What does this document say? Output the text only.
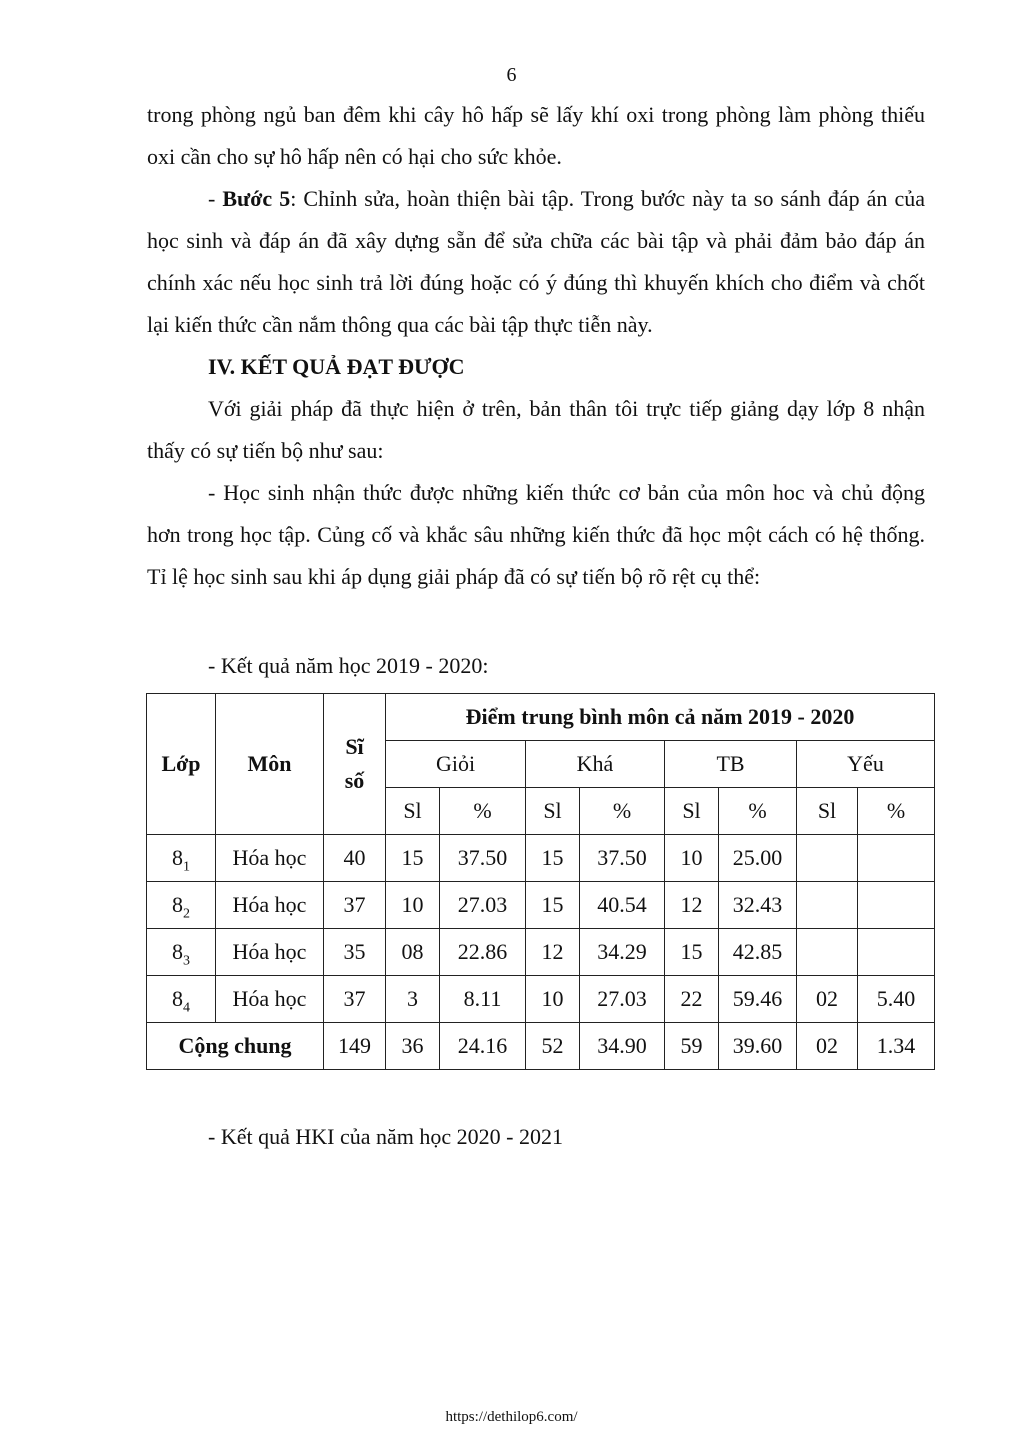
6

trong phòng ngủ ban đêm khi cây hô hấp sẽ lấy khí oxi trong phòng làm phòng thiếu oxi cần cho sự hô hấp nên có hại cho sức khỏe.

- Bước 5: Chỉnh sửa, hoàn thiện bài tập. Trong bước này ta so sánh đáp án của học sinh và đáp án đã xây dựng sẵn để sửa chữa các bài tập và phải đảm bảo đáp án chính xác nếu học sinh trả lời đúng hoặc có ý đúng thì khuyến khích cho điểm và chốt lại kiến thức cần nắm thông qua các bài tập thực tiễn này.

IV. KẾT QUẢ ĐẠT ĐƯỢC

Với giải pháp đã thực hiện ở trên, bản thân tôi trực tiếp giảng dạy lớp 8 nhận thấy có sự tiến bộ như sau:

- Học sinh nhận thức được những kiến thức cơ bản của môn hoc và chủ động hơn trong học tập. Củng cố và khắc sâu những kiến thức đã học một cách có hệ thống. Tỉ lệ học sinh sau khi áp dụng giải pháp đã có sự tiến bộ rõ rệt cụ thể:

- Kết quả năm học 2019 - 2020:
Lớp	Môn	Sĩ số	Điểm trung bình môn cả năm 2019 - 2020							
			Giỏi		Khá		TB		Yếu	
			Sl	%	Sl	%	Sl	%	Sl	%
$8_1$	Hóa học	40	15	37.50	15	37.50	10	25.00		
$8_2$	Hóa học	37	10	27.03	15	40.54	12	32.43		
$8_3$	Hóa học	35	08	22.86	12	34.29	15	42.85		
$8_4$	Hóa học	37	3	8.11	10	27.03	22	59.46	02	5.40
Cộng chung		149	36	24.16	52	34.90	59	39.60	02	1.34
- Kết quả HKI của năm học 2020 - 2021
https://dethilop6.com/
